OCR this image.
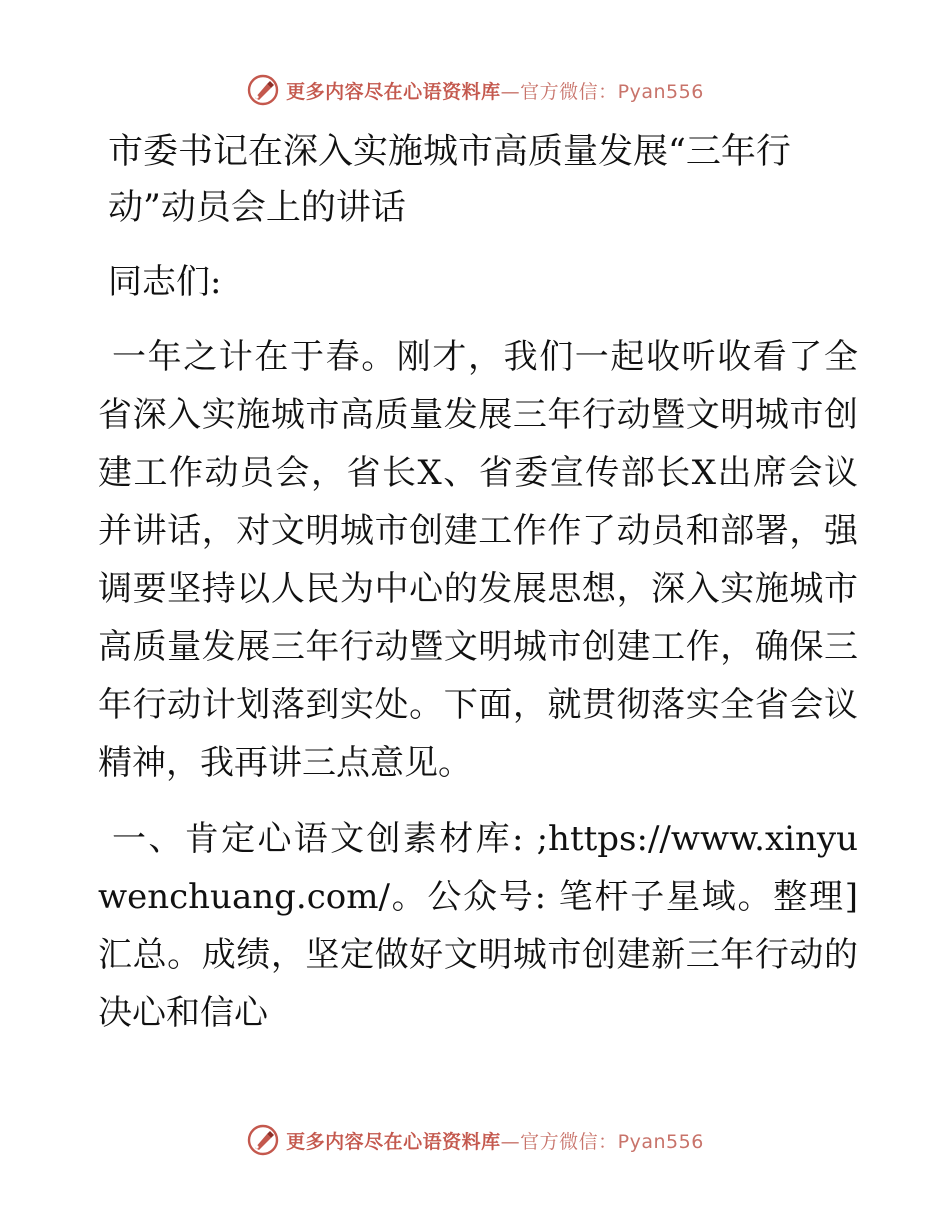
更多内容尽在心语资料库—官方微信：Pyan556
市委书记在深入实施城市高质量发展“三年行动”动员会上的讲话

同志们:

一年之计在于春。刚才，我们一起收听收看了全省深入实施城市高质量发展三年行动暨文明城市创建工作动员会，省长X、省委宣传部长X出席会议并讲话，对文明城市创建工作作了动员和部署，强调要坚持以人民为中心的发展思想，深入实施城市高质量发展三年行动暨文明城市创建工作，确保三年行动计划落到实处。下面，就贯彻落实全省会议精神，我再讲三点意见。

一、肯定心语文创素材库: ;https://www.xinyuwenchuang.com/。公众号: 笔杆子星域。整理]汇总。成绩，坚定做好文明城市创建新三年行动的决心和信心

更多内容尽在心语资料库—官方微信：Pyan556
